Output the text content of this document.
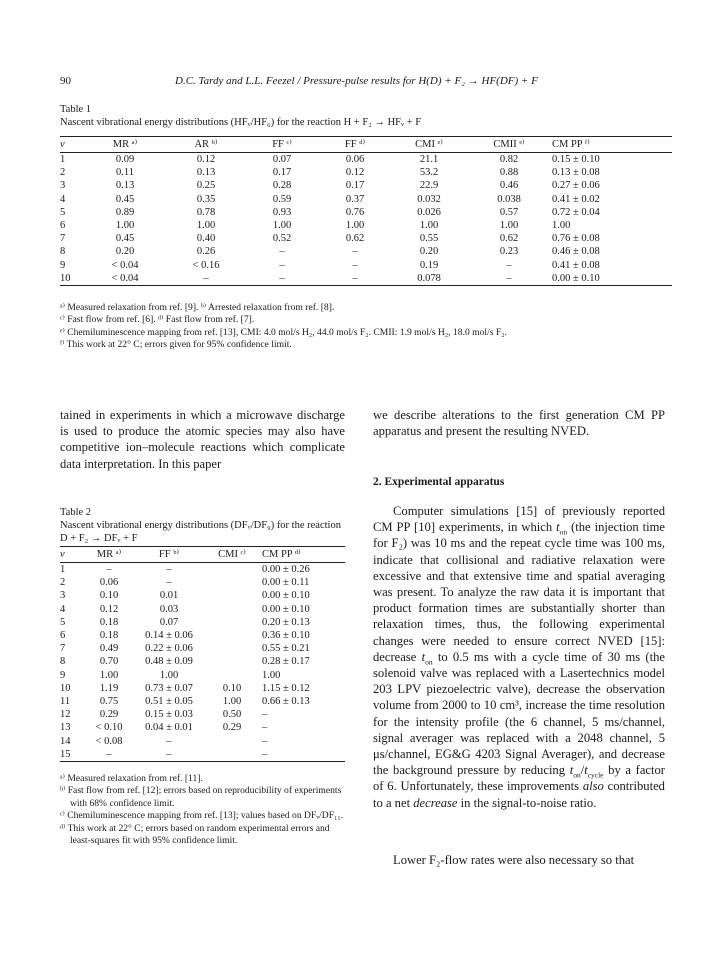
90	D.C. Tardy and L.L. Feezel / Pressure-pulse results for H(D) + F₂ → HF(DF) + F
Table 1
Nascent vibrational energy distributions (HFᵥ/HF₆) for the reaction H + F₂ → HFᵥ + F
v	MR ᵃ⁾	AR ᵇ⁾	FF ᶜ⁾	FF ᵈ⁾	CMI ᵉ⁾	CMII ᵉ⁾	CM PP ᶠ⁾
1	0.09	0.12	0.07	0.06	21.1	0.82	0.15 ± 0.10
2	0.11	0.13	0.17	0.12	53.2	0.88	0.13 ± 0.08
3	0.13	0.25	0.28	0.17	22.9	0.46	0.27 ± 0.06
4	0.45	0.35	0.59	0.37	0.032	0.038	0.41 ± 0.02
5	0.89	0.78	0.93	0.76	0.026	0.57	0.72 ± 0.04
6	1.00	1.00	1.00	1.00	1.00	1.00	1.00
7	0.45	0.40	0.52	0.62	0.55	0.62	0.76 ± 0.08
8	0.20	0.26	–	–	0.20	0.23	0.46 ± 0.08
9	< 0.04	< 0.16	–	–	0.19	–	0.41 ± 0.08
10	< 0.04	–	–	–	0.078	–	0.00 ± 0.10
ᵃ⁾ Measured relaxation from ref. [9]. ᵇ⁾ Arrested relaxation from ref. [8].
ᶜ⁾ Fast flow from ref. [6]. ᵈ⁾ Fast flow from ref. [7].
ᵉ⁾ Chemiluminescence mapping from ref. [13], CMI: 4.0 mol/s H₂, 44.0 mol/s F₂. CMII: 1.9 mol/s H₂, 18.0 mol/s F₂.
ᶠ⁾ This work at 22° C; errors given for 95% confidence limit.
tained in experiments in which a microwave discharge is used to produce the atomic species may also have competitive ion–molecule reactions which complicate data interpretation. In this paper
Table 2
Nascent vibrational energy distributions (DFᵥ/DF₉) for the reaction D + F₂ → DFᵥ + F
v	MR ᵃ⁾	FF ᵇ⁾	CMI ᶜ⁾	CM PP ᵈ⁾
1	–	–		0.00 ± 0.26
2	0.06	–		0.00 ± 0.11
3	0.10	0.01		0.00 ± 0.10
4	0.12	0.03		0.00 ± 0.10
5	0.18	0.07		0.20 ± 0.13
6	0.18	0.14 ± 0.06		0.36 ± 0.10
7	0.49	0.22 ± 0.06		0.55 ± 0.21
8	0.70	0.48 ± 0.09		0.28 ± 0.17
9	1.00	1.00		1.00
10	1.19	0.73 ± 0.07	0.10	1.15 ± 0.12
11	0.75	0.51 ± 0.05	1.00	0.66 ± 0.13
12	0.29	0.15 ± 0.03	0.50	–
13	< 0.10	0.04 ± 0.01	0.29	–
14	< 0.08	–		–
15	–	–		–
ᵃ⁾ Measured relaxation from ref. [11].
ᵇ⁾ Fast flow from ref. [12]; errors based on reproducibility of experiments with 68% confidence limit.
ᶜ⁾ Chemiluminescence mapping from ref. [13]; values based on DFᵥ/DF₁₁.
ᵈ⁾ This work at 22° C; errors based on random experimental errors and least-squares fit with 95% confidence limit.
we describe alterations to the first generation CM PP apparatus and present the resulting NVED.
2. Experimental apparatus
Computer simulations [15] of previously reported CM PP [10] experiments, in which $t_{on}$ (the injection time for F₂) was 10 ms and the repeat cycle time was 100 ms, indicate that collisional and radiative relaxation were excessive and that extensive time and spatial averaging was present. To analyze the raw data it is important that product formation times are substantially shorter than relaxation times, thus, the following experimental changes were needed to ensure correct NVED [15]: decrease $t_{on}$ to 0.5 ms with a cycle time of 30 ms (the solenoid valve was replaced with a Lasertechnics model 203 LPV piezoelectric valve), decrease the observation volume from 2000 to 10 cm³, increase the time resolution for the intensity profile (the 6 channel, 5 ms/channel, signal averager was replaced with a 2048 channel, 5 μs/channel, EG&G 4203 Signal Averager), and decrease the background pressure by reducing $t_{on}/t_{cycle}$ by a factor of 6. Unfortunately, these improvements also contributed to a net decrease in the signal-to-noise ratio.
Lower F₂-flow rates were also necessary so that
